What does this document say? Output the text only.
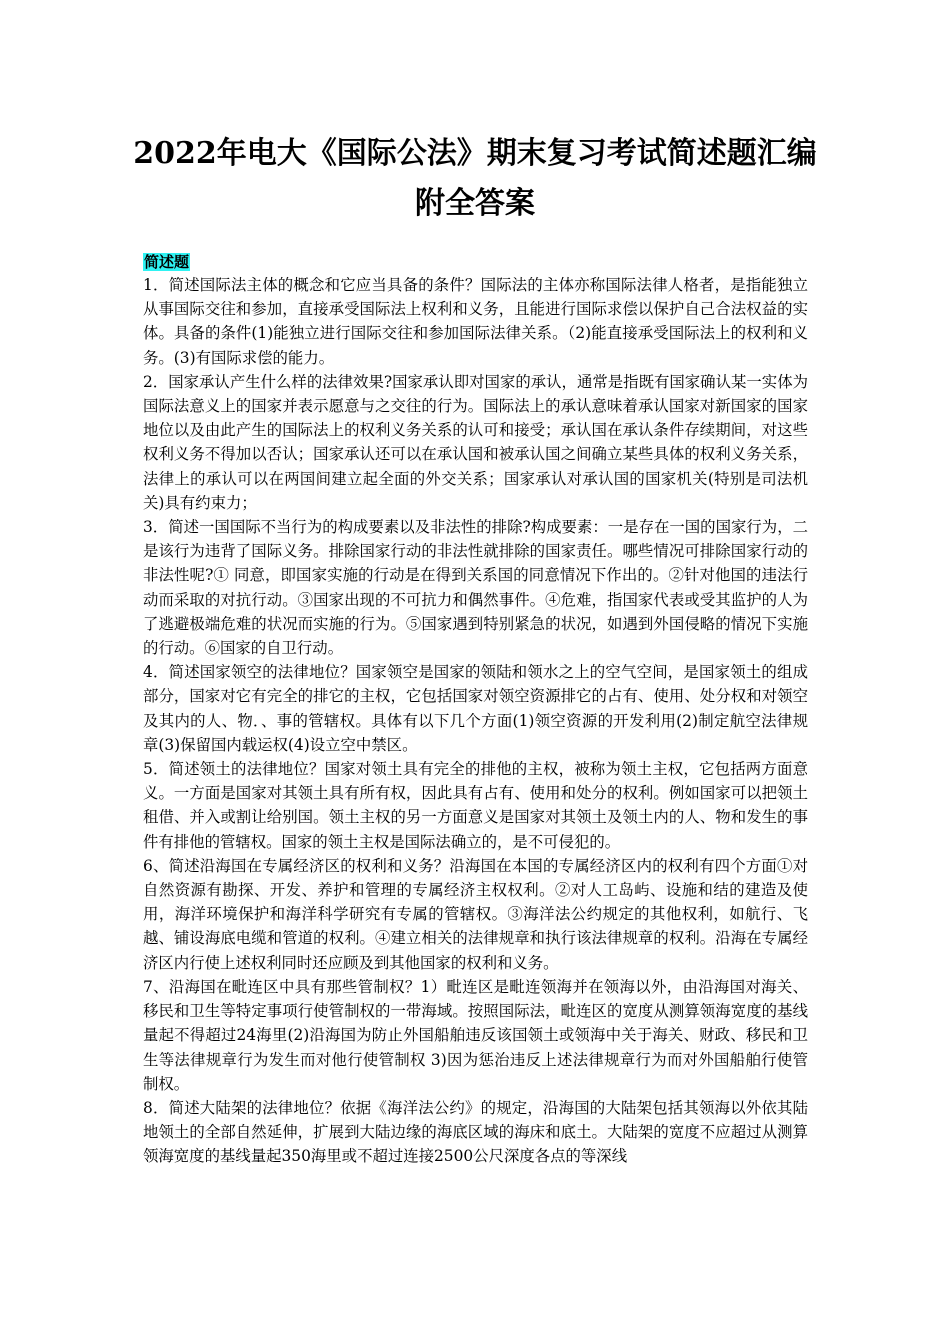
2022年电大《国际公法》期末复习考试简述题汇编
附全答案
简述题

1．简述国际法主体的概念和它应当具备的条件？国际法的主体亦称国际法律人格者，是指能独立从事国际交往和参加，直接承受国际法上权利和义务，且能进行国际求偿以保护自己合法权益的实体。具备的条件(1)能独立进行国际交往和参加国际法律关系。（2)能直接承受国际法上的权利和义务。(3)有国际求偿的能力。

2．国家承认产生什么样的法律效果?国家承认即对国家的承认，通常是指既有国家确认某一实体为国际法意义上的国家并表示愿意与之交往的行为。国际法上的承认意味着承认国家对新国家的国家地位以及由此产生的国际法上的权利义务关系的认可和接受；承认国在承认条件存续期间，对这些权利义务不得加以否认；国家承认还可以在承认国和被承认国之间确立某些具体的权利义务关系，法律上的承认可以在两国间建立起全面的外交关系；国家承认对承认国的国家机关(特别是司法机关)具有约束力；

3．简述一国国际不当行为的构成要素以及非法性的排除?构成要素：一是存在一国的国家行为，二是该行为违背了国际义务。排除国家行动的非法性就排除的国家责任。哪些情况可排除国家行动的非法性呢?① 同意，即国家实施的行动是在得到关系国的同意情况下作出的。②针对他国的违法行动而采取的对抗行动。③国家出现的不可抗力和偶然事件。④危难，指国家代表或受其监护的人为了逃避极端危难的状况而实施的行为。⑤国家遇到特别紧急的状况，如遇到外国侵略的情况下实施的行动。⑥国家的自卫行动。

4．简述国家领空的法律地位？国家领空是国家的领陆和领水之上的空气空间，是国家领土的组成部分，国家对它有完全的排它的主权，它包括国家对领空资源排它的占有、使用、处分权和对领空及其内的人、物．、事的管辖权。具体有以下几个方面(1)领空资源的开发利用(2)制定航空法律规章(3)保留国内载运权(4)设立空中禁区。

5．简述领土的法律地位？国家对领土具有完全的排他的主权，被称为领土主权，它包括两方面意义。一方面是国家对其领土具有所有权，因此具有占有、使用和处分的权利。例如国家可以把领土租借、并入或割让给别国。领土主权的另一方面意义是国家对其领土及领土内的人、物和发生的事件有排他的管辖权。国家的领土主权是国际法确立的，是不可侵犯的。

6、简述沿海国在专属经济区的权利和义务？沿海国在本国的专属经济区内的权利有四个方面①对自然资源有勘探、开发、养护和管理的专属经济主权权利。②对人工岛屿、设施和结的建造及使用，海洋环境保护和海洋科学研究有专属的管辖权。③海洋法公约规定的其他权利，如航行、飞越、铺设海底电缆和管道的权利。④建立相关的法律规章和执行该法律规章的权利。沿海在专属经济区内行使上述权利同时还应顾及到其他国家的权利和义务。

7、沿海国在毗连区中具有那些管制权？1）毗连区是毗连领海并在领海以外，由沿海国对海关、移民和卫生等特定事项行使管制权的一带海域。按照国际法，毗连区的宽度从测算领海宽度的基线量起不得超过24海里(2)沿海国为防止外国船舶违反该国领土或领海中关于海关、财政、移民和卫生等法律规章行为发生而对他行使管制权 3)因为惩治违反上述法律规章行为而对外国船舶行使管制权。

8．简述大陆架的法律地位？依据《海洋法公约》的规定，沿海国的大陆架包括其领海以外依其陆地领土的全部自然延伸，扩展到大陆边缘的海底区域的海床和底土。大陆架的宽度不应超过从测算领海宽度的基线量起350海里或不超过连接2500公尺深度各点的等深线
